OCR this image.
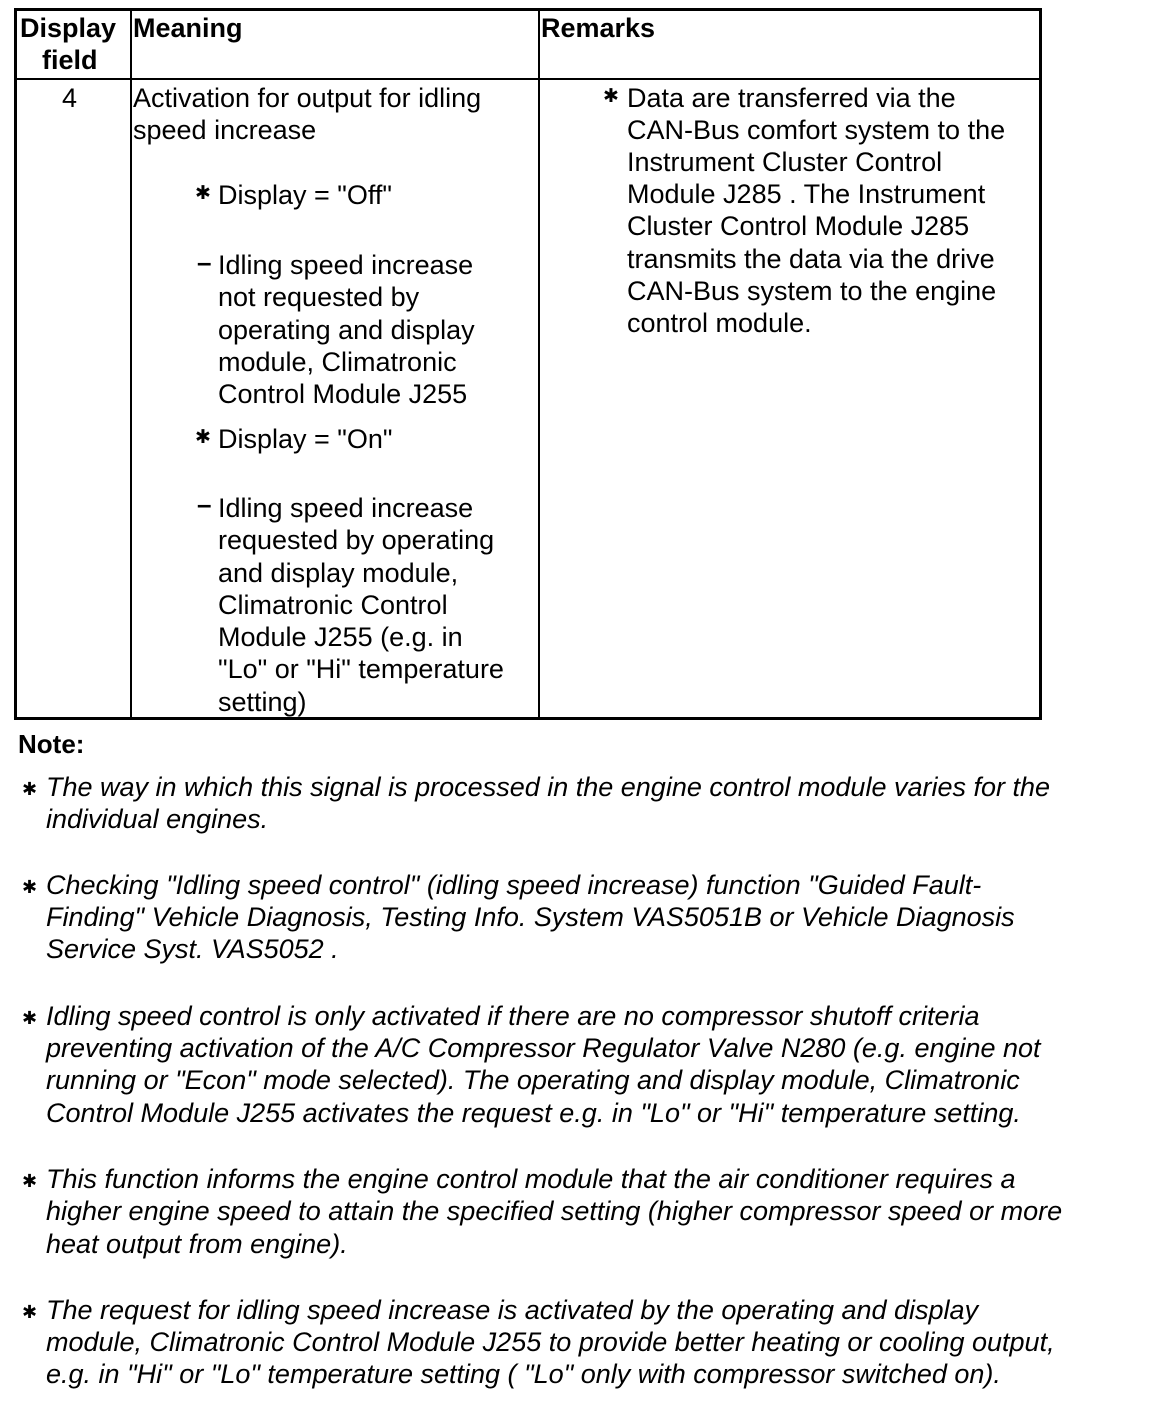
Display
field
Meaning	Remarks
4 Activation for output for idling
speed increase
✱ Display = "Off"
– Idling speed increase
not requested by
operating and display
module, Climatronic
Control Module J255
✱ Display = "On"
– Idling speed increase
requested by operating
and display module,
Climatronic Control
Module J255 (e.g. in
"Lo" or "Hi" temperature
setting)
✱ Data are transferred via the
CAN-Bus comfort system to the
Instrument Cluster Control
Module J285 . The Instrument
Cluster Control Module J285
transmits the data via the drive
CAN-Bus system to the engine
control module.
Note:
✱ The way in which this signal is processed in the engine control module varies for the
individual engines.
✱ Checking "Idling speed control" (idling speed increase) function "Guided Fault-
Finding" Vehicle Diagnosis, Testing Info. System VAS5051B or Vehicle Diagnosis
Service Syst. VAS5052 .
✱ Idling speed control is only activated if there are no compressor shutoff criteria
preventing activation of the A/C Compressor Regulator Valve N280 (e.g. engine not
running or "Econ" mode selected). The operating and display module, Climatronic
Control Module J255 activates the request e.g. in "Lo" or "Hi" temperature setting.
✱ This function informs the engine control module that the air conditioner requires a
higher engine speed to attain the specified setting (higher compressor speed or more
heat output from engine).
✱ The request for idling speed increase is activated by the operating and display
module, Climatronic Control Module J255 to provide better heating or cooling output,
e.g. in "Hi" or "Lo" temperature setting ( "Lo" only with compressor switched on).
